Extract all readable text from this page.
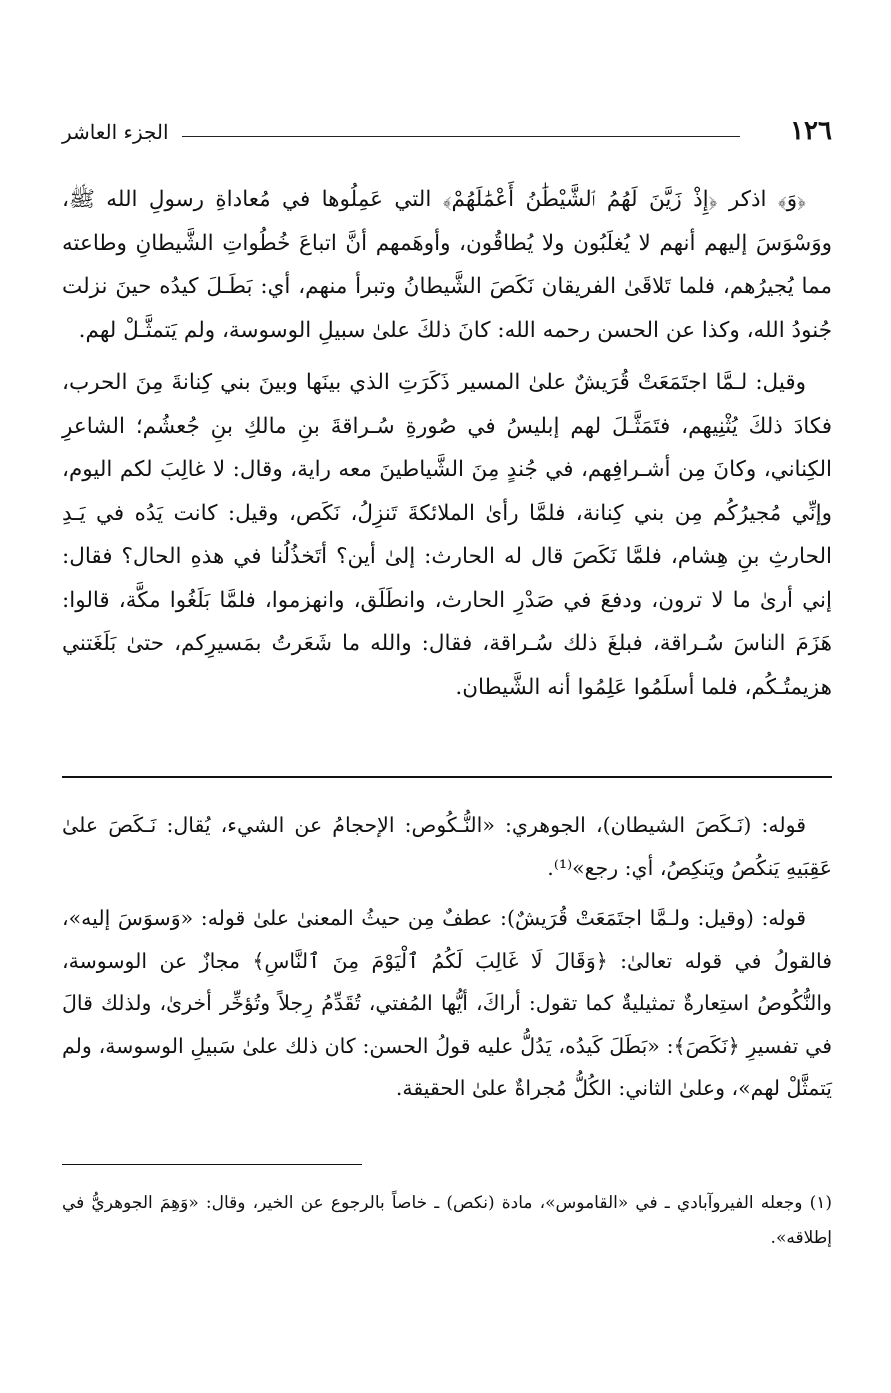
١٢٦
الجزء العاشر

﴿وَ﴾ اذكر ﴿إِذْ زَيَّنَ لَهُمُ ٱلشَّيْطَٰنُ أَعْمَٰلَهُمْ﴾ التي عَمِلُوها في مُعاداةِ رسولِ الله ﷺ، ووَسْوَسَ إليهم أنهم لا يُغلَبُون ولا يُطاقُون، وأوهَمهم أنَّ اتباعَ خُطُواتِ الشَّيطانِ وطاعته مما يُجيرُهم، فلما تَلاقَىٰ الفريقان نَكَصَ الشَّيطانُ وتبرأ منهم، أي: بَطَـلَ كيدُه حينَ نزلت جُنودُ الله، وكذا عن الحسن رحمه الله: كانَ ذلكَ علىٰ سبيلِ الوسوسة، ولم يَتمثَّـلْ لهم.

وقيل: لـمَّا اجتَمَعَتْ قُرَيشٌ علىٰ المسير ذَكَرَتِ الذي بينَها وبينَ بني كِنانةَ مِنَ الحرب، فكادَ ذلكَ يُثْنِيهم، فتَمَثَّـلَ لهم إبليسُ في صُورةِ سُـراقةَ بنِ مالكِ بنِ جُعشُم؛ الشاعرِ الكِناني، وكانَ مِن أشـرافِهم، في جُندٍ مِنَ الشَّياطينَ معه راية، وقال: لا غالِبَ لكم اليوم، وإنِّي مُجيرُكُم مِن بني كِنانة، فلمَّا رأىٰ الملائكةَ تَنزِلُ، نَكَص، وقيل: كانت يَدُه في يَـدِ الحارثِ بنِ هِشام، فلمَّا نَكَصَ قال له الحارث: إلىٰ أين؟ أتَخذُلُنا في هذهِ الحال؟ فقال: إني أرىٰ ما لا ترون، ودفعَ في صَدْرِ الحارث، وانطَلَق، وانهزموا، فلمَّا بَلَغُوا مكَّة، قالوا: هَزَمَ الناسَ سُـراقة، فبلغَ ذلك سُـراقة، فقال: والله ما شَعَرتُ بمَسيرِكم، حتىٰ بَلَغَتني هزيمتُـكُم، فلما أسلَمُوا عَلِمُوا أنه الشَّيطان.

قوله: (نَـكَصَ الشيطان)، الجوهري: «النُّـكُوص: الإحجامُ عن الشيء، يُقال: نَـكَصَ علىٰ عَقِبَيهِ يَنكُصُ ويَنكِصُ، أي: رجع»⁽¹⁾.

قوله: (وقيل: ولـمَّا اجتَمَعَتْ قُرَيشٌ): عطفٌ مِن حيثُ المعنىٰ علىٰ قوله: «وَسوَسَ إليه»، فالقولُ في قوله تعالىٰ: ﴿وَقَالَ لَا غَالِبَ لَكُمُ ٱلْيَوْمَ مِنَ ٱلنَّاسِ﴾ مجازٌ عن الوسوسة، والنُّكُوصُ استِعارةٌ تمثيليةٌ كما تقول: أراكَ، أيُّها المُفتي، تُقَدِّمُ رِجلاً وتُؤخِّر أخرىٰ، ولذلك قالَ في تفسيرِ ﴿نَكَصَ﴾: «بَطَلَ كَيدُه، يَدُلُّ عليه قولُ الحسن: كان ذلك علىٰ سَبيلِ الوسوسة، ولم يَتمثَّلْ لهم»، وعلىٰ الثاني: الكُلُّ مُجراةٌ علىٰ الحقيقة.

(١) وجعله الفيروآبادي ـ في «القاموس»، مادة (نكص) ـ خاصاً بالرجوع عن الخير، وقال: «وَهِمَ الجوهريُّ في إطلاقه».
